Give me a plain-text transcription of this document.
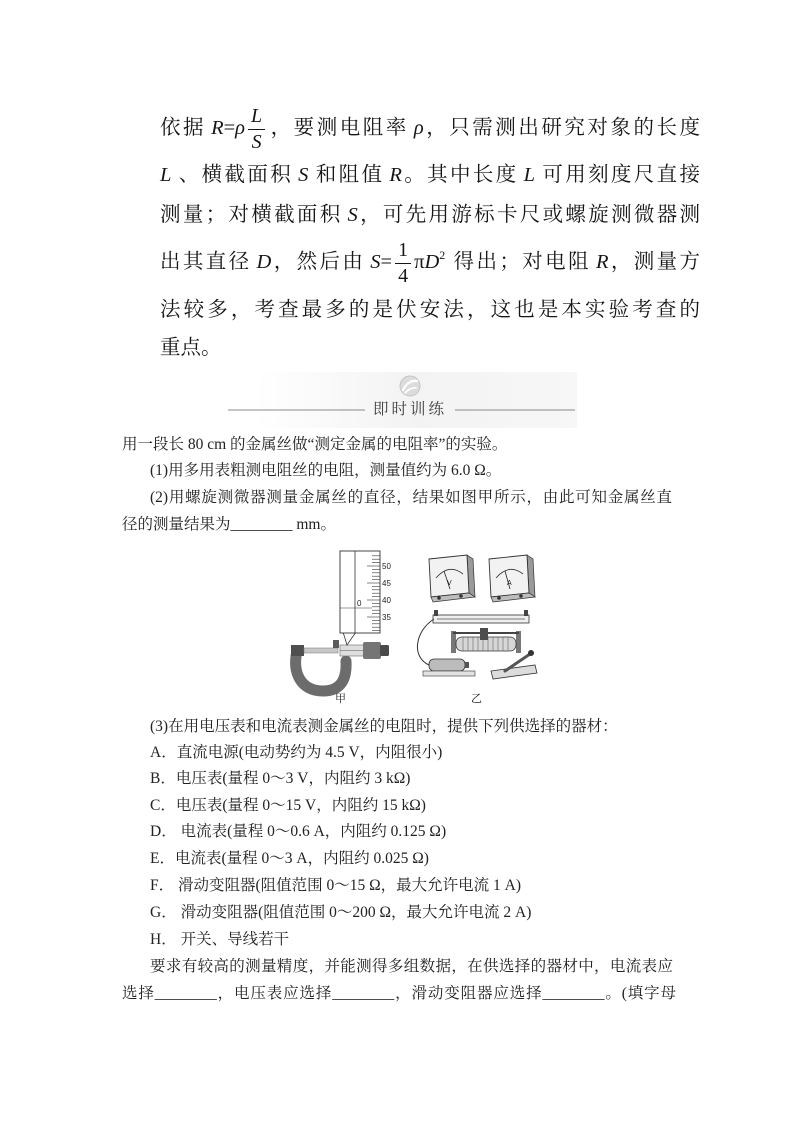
依据 $R=\rho \frac{L}{S}$ ，要测电阻率 ρ，只需测出研究对象的长度
L 、横截面积 S 和阻值 R。其中长度 L 可用刻度尺直接
测量；对横截面积 S，可先用游标卡尺或螺旋测微器测
出其直径 D，然后由 $S= \frac{1}{4} \pi D^2$ 得出；对电阻 R，测量方
法较多，考查最多的是伏安法，这也是本实验考查的
重点。
即时训练
用一段长 80 cm 的金属丝做“测定金属的电阻率”的实验。
(1)用多用表粗测电阻丝的电阻，测量值约为 6.0 Ω。
(2)用螺旋测微器测量金属丝的直径，结果如图甲所示，由此可知金属丝直
径的测量结果为________ mm。
0
50
45
40
35
V	A
甲	乙
(3)在用电压表和电流表测金属丝的电阻时，提供下列供选择的器材：
A．直流电源(电动势约为 4.5 V，内阻很小)
B．电压表(量程 0～3 V，内阻约 3 kΩ)
C．电压表(量程 0～15 V，内阻约 15 kΩ)
D． 电流表(量程 0～0.6 A，内阻约 0.125 Ω)
E．电流表(量程 0～3 A，内阻约 0.025 Ω)
F． 滑动变阻器(阻值范围 0～15 Ω，最大允许电流 1 A)
G． 滑动变阻器(阻值范围 0～200 Ω，最大允许电流 2 A)
H． 开关、导线若干
要求有较高的测量精度，并能测得多组数据，在供选择的器材中，电流表应
选择________，电压表应选择________，滑动变阻器应选择________。(填字母
